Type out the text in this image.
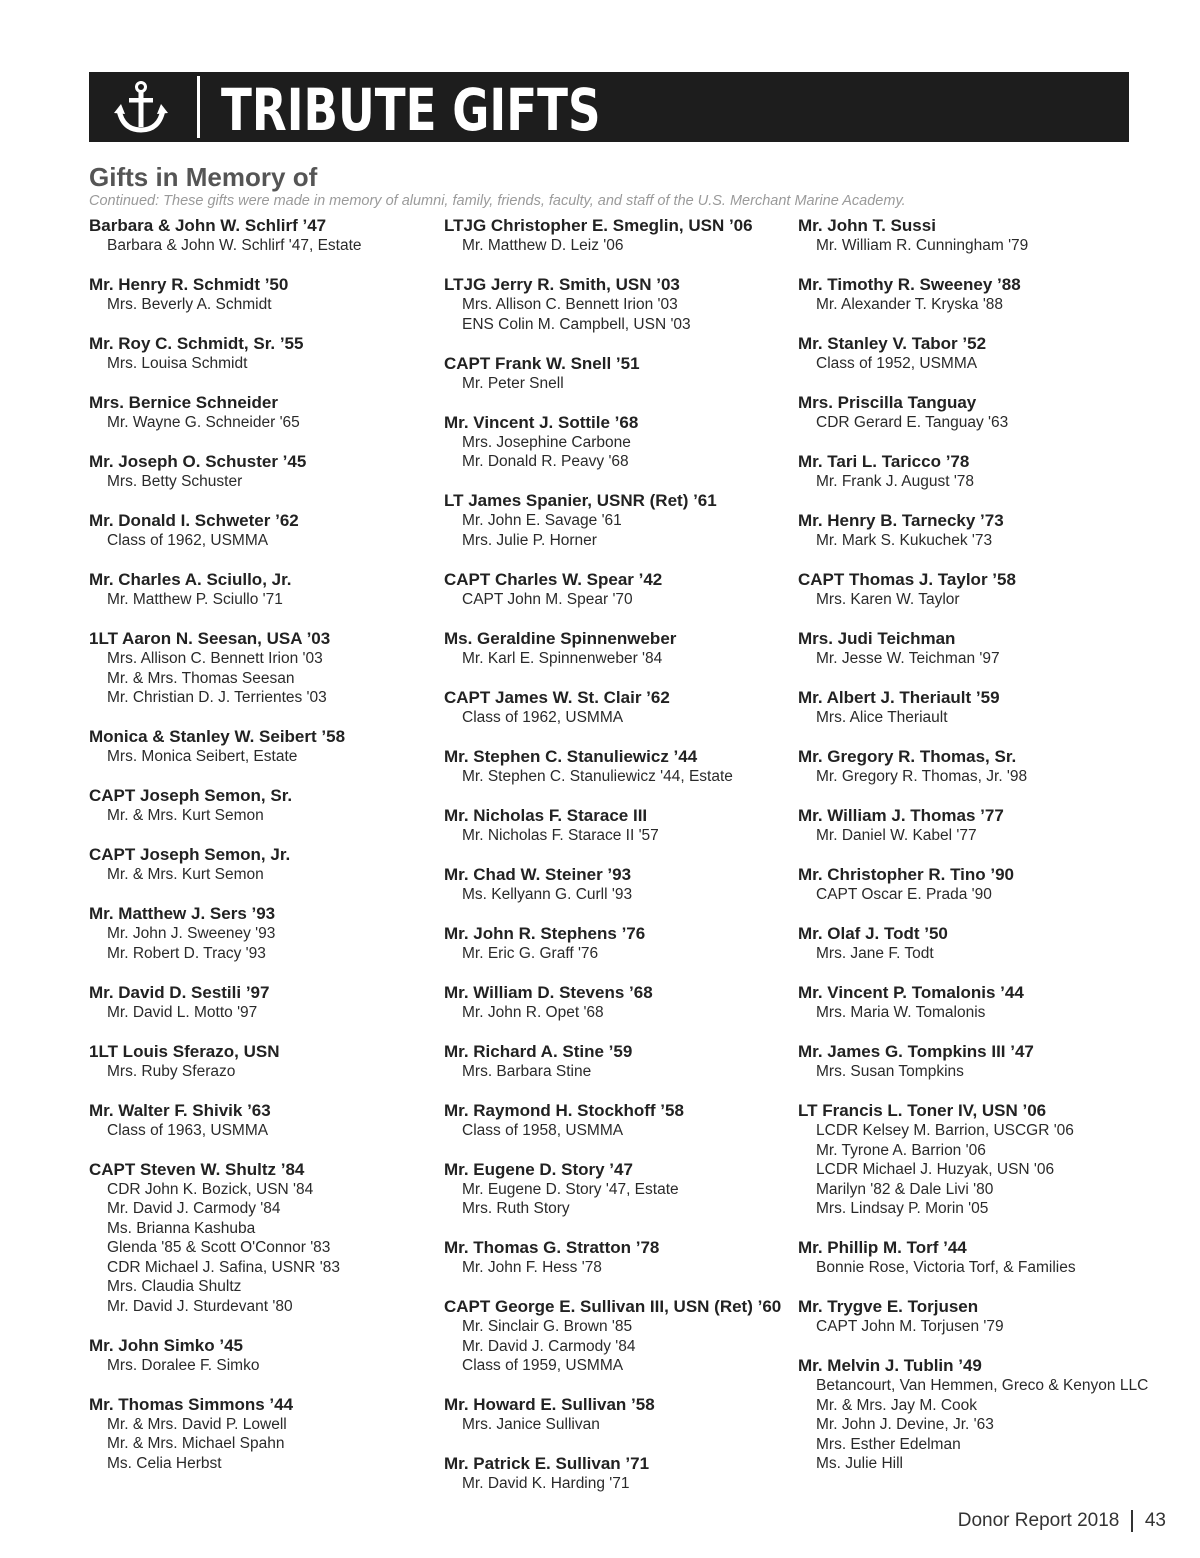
TRIBUTE GIFTS
Gifts in Memory of

Continued: These gifts were made in memory of alumni, family, friends, faculty, and staff of the U.S. Merchant Marine Academy.

Barbara & John W. Schlirf ’47
Barbara & John W. Schlirf '47, Estate
Mr. Henry R. Schmidt ’50
Mrs. Beverly A. Schmidt
Mr. Roy C. Schmidt, Sr. ’55
Mrs. Louisa Schmidt
Mrs. Bernice Schneider
Mr. Wayne G. Schneider '65
Mr. Joseph O. Schuster ’45
Mrs. Betty Schuster
Mr. Donald I. Schweter ’62
Class of 1962, USMMA
Mr. Charles A. Sciullo, Jr.
Mr. Matthew P. Sciullo '71
1LT Aaron N. Seesan, USA ’03
Mrs. Allison C. Bennett Irion '03
Mr. & Mrs. Thomas Seesan
Mr. Christian D. J. Terrientes '03
Monica & Stanley W. Seibert ’58
Mrs. Monica Seibert, Estate
CAPT Joseph Semon, Sr.
Mr. & Mrs. Kurt Semon
CAPT Joseph Semon, Jr.
Mr. & Mrs. Kurt Semon
Mr. Matthew J. Sers ’93
Mr. John J. Sweeney '93
Mr. Robert D. Tracy '93
Mr. David D. Sestili ’97
Mr. David L. Motto '97
1LT Louis Sferazo, USN
Mrs. Ruby Sferazo
Mr. Walter F. Shivik ’63
Class of 1963, USMMA
CAPT Steven W. Shultz ’84
CDR John K. Bozick, USN '84
Mr. David J. Carmody '84
Ms. Brianna Kashuba
Glenda '85 & Scott O'Connor '83
CDR Michael J. Safina, USNR '83
Mrs. Claudia Shultz
Mr. David J. Sturdevant '80
Mr. John Simko ’45
Mrs. Doralee F. Simko
Mr. Thomas Simmons ’44
Mr. & Mrs. David P. Lowell
Mr. & Mrs. Michael Spahn
Ms. Celia Herbst
LTJG Christopher E. Smeglin, USN ’06
Mr. Matthew D. Leiz '06
LTJG Jerry R. Smith, USN ’03
Mrs. Allison C. Bennett Irion '03
ENS Colin M. Campbell, USN '03
CAPT Frank W. Snell ’51
Mr. Peter Snell
Mr. Vincent J. Sottile ’68
Mrs. Josephine Carbone
Mr. Donald R. Peavy '68
LT James Spanier, USNR (Ret) ’61
Mr. John E. Savage '61
Mrs. Julie P. Horner
CAPT Charles W. Spear ’42
CAPT John M. Spear '70
Ms. Geraldine Spinnenweber
Mr. Karl E. Spinnenweber '84
CAPT James W. St. Clair ’62
Class of 1962, USMMA
Mr. Stephen C. Stanuliewicz ’44
Mr. Stephen C. Stanuliewicz '44, Estate
Mr. Nicholas F. Starace III
Mr. Nicholas F. Starace II '57
Mr. Chad W. Steiner ’93
Ms. Kellyann G. Curll '93
Mr. John R. Stephens ’76
Mr. Eric G. Graff '76
Mr. William D. Stevens ’68
Mr. John R. Opet '68
Mr. Richard A. Stine ’59
Mrs. Barbara Stine
Mr. Raymond H. Stockhoff ’58
Class of 1958, USMMA
Mr. Eugene D. Story ’47
Mr. Eugene D. Story '47, Estate
Mrs. Ruth Story
Mr. Thomas G. Stratton ’78
Mr. John F. Hess '78
CAPT George E. Sullivan III, USN (Ret) ’60
Mr. Sinclair G. Brown '85
Mr. David J. Carmody '84
Class of 1959, USMMA
Mr. Howard E. Sullivan ’58
Mrs. Janice Sullivan
Mr. Patrick E. Sullivan ’71
Mr. David K. Harding '71
Mr. John T. Sussi
Mr. William R. Cunningham '79
Mr. Timothy R. Sweeney ’88
Mr. Alexander T. Kryska '88
Mr. Stanley V. Tabor ’52
Class of 1952, USMMA
Mrs. Priscilla Tanguay
CDR Gerard E. Tanguay '63
Mr. Tari L. Taricco ’78
Mr. Frank J. August '78
Mr. Henry B. Tarnecky ’73
Mr. Mark S. Kukuchek '73
CAPT Thomas J. Taylor ’58
Mrs. Karen W. Taylor
Mrs. Judi Teichman
Mr. Jesse W. Teichman '97
Mr. Albert J. Theriault ’59
Mrs. Alice Theriault
Mr. Gregory R. Thomas, Sr.
Mr. Gregory R. Thomas, Jr. '98
Mr. William J. Thomas ’77
Mr. Daniel W. Kabel '77
Mr. Christopher R. Tino ’90
CAPT Oscar E. Prada '90
Mr. Olaf J. Todt ’50
Mrs. Jane F. Todt
Mr. Vincent P. Tomalonis ’44
Mrs. Maria W. Tomalonis
Mr. James G. Tompkins III ’47
Mrs. Susan Tompkins
LT Francis L. Toner IV, USN ’06
LCDR Kelsey M. Barrion, USCGR '06
Mr. Tyrone A. Barrion '06
LCDR Michael J. Huzyak, USN '06
Marilyn '82 & Dale Livi '80
Mrs. Lindsay P. Morin '05
Mr. Phillip M. Torf ’44
Bonnie Rose, Victoria Torf, & Families
Mr. Trygve E. Torjusen
CAPT John M. Torjusen '79
Mr. Melvin J. Tublin ’49
Betancourt, Van Hemmen, Greco & Kenyon LLC
Mr. & Mrs. Jay M. Cook
Mr. John J. Devine, Jr. '63
Mrs. Esther Edelman
Ms. Julie Hill
Donor Report 2018 43
